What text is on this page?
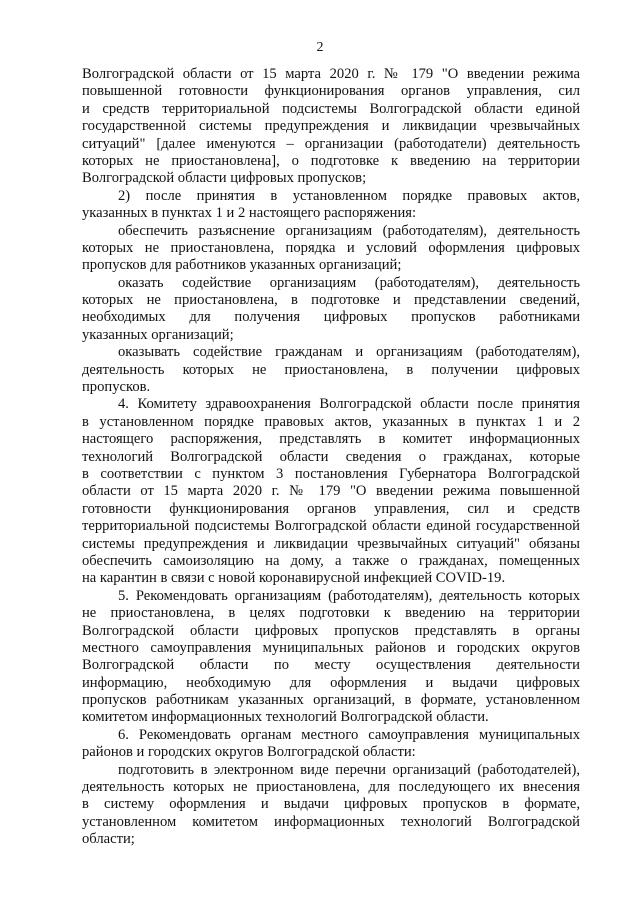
2
Волгоградской области от 15 марта 2020 г. № 179 "О введении режима
повышенной готовности функционирования органов управления, сил
и средств территориальной подсистемы Волгоградской области единой
государственной системы предупреждения и ликвидации чрезвычайных
ситуаций" [далее именуются – организации (работодатели) деятельность
которых не приостановлена], о подготовке к введению на территории
Волгоградской области цифровых пропусков;
2) после принятия в установленном порядке правовых актов,
указанных в пунктах 1 и 2 настоящего распоряжения:
обеспечить разъяснение организациям (работодателям), деятельность
которых не приостановлена, порядка и условий оформления цифровых
пропусков для работников указанных организаций;
оказать содействие организациям (работодателям), деятельность
которых не приостановлена, в подготовке и представлении сведений,
необходимых для получения цифровых пропусков работниками
указанных организаций;
оказывать содействие гражданам и организациям (работодателям),
деятельность которых не приостановлена, в получении цифровых
пропусков.
4. Комитету здравоохранения Волгоградской области после принятия
в установленном порядке правовых актов, указанных в пунктах 1 и 2
настоящего распоряжения, представлять в комитет информационных
технологий Волгоградской области сведения о гражданах, которые
в соответствии с пунктом 3 постановления Губернатора Волгоградской
области от 15 марта 2020 г. № 179 "О введении режима повышенной
готовности функционирования органов управления, сил и средств
территориальной подсистемы Волгоградской области единой государственной
системы предупреждения и ликвидации чрезвычайных ситуаций" обязаны
обеспечить самоизоляцию на дому, а также о гражданах, помещенных
на карантин в связи с новой коронавирусной инфекцией COVID-19.
5. Рекомендовать организациям (работодателям), деятельность которых
не приостановлена, в целях подготовки к введению на территории
Волгоградской области цифровых пропусков представлять в органы
местного самоуправления муниципальных районов и городских округов
Волгоградской области по месту осуществления деятельности
информацию, необходимую для оформления и выдачи цифровых
пропусков работникам указанных организаций, в формате, установленном
комитетом информационных технологий Волгоградской области.
6. Рекомендовать органам местного самоуправления муниципальных
районов и городских округов Волгоградской области:
подготовить в электронном виде перечни организаций (работодателей),
деятельность которых не приостановлена, для последующего их внесения
в систему оформления и выдачи цифровых пропусков в формате,
установленном комитетом информационных технологий Волгоградской
области;
